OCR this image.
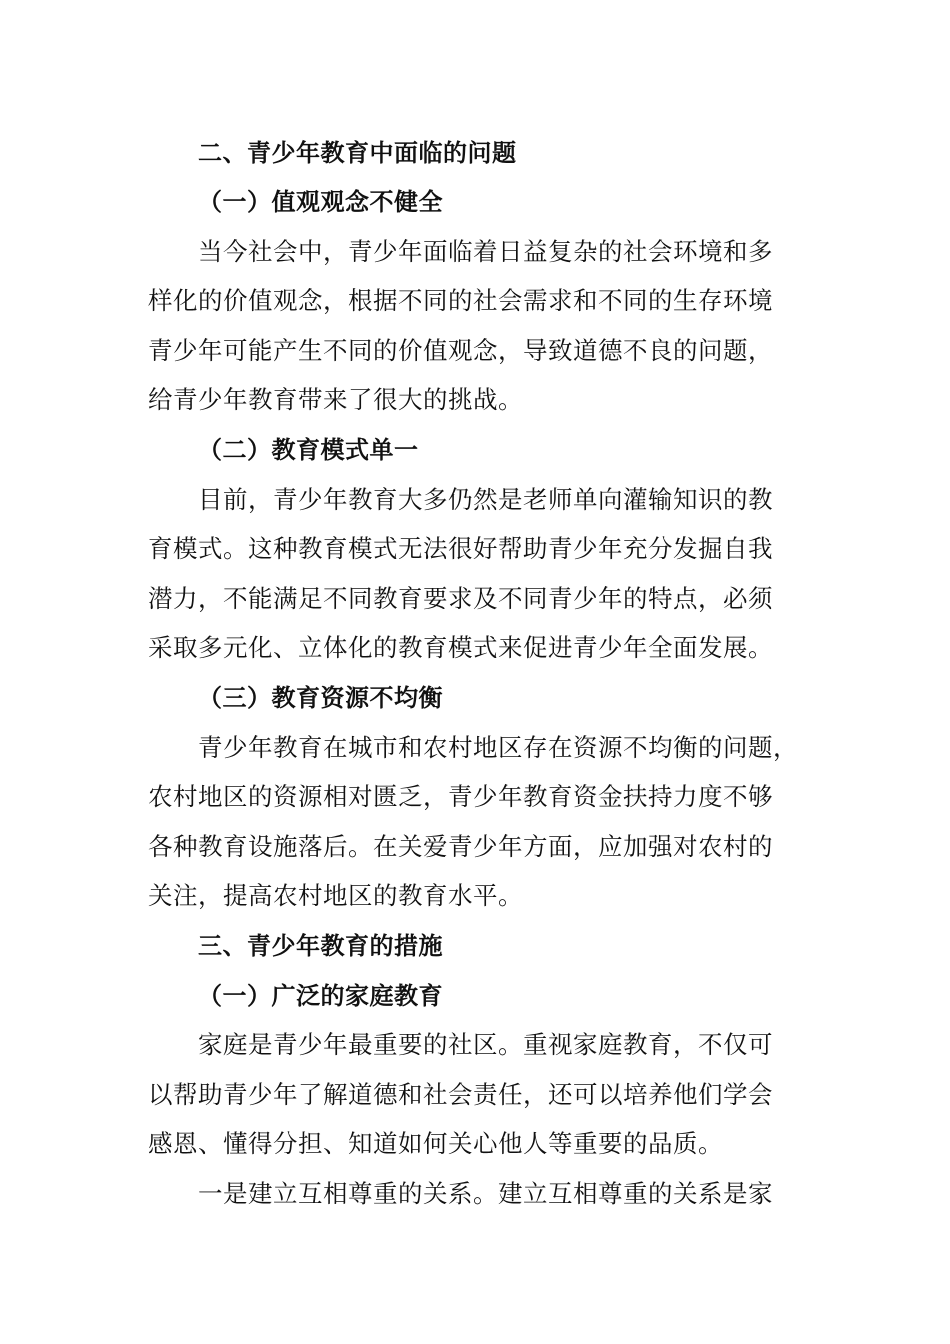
二、青少年教育中面临的问题
（一）值观观念不健全
当今社会中，青少年面临着日益复杂的社会环境和多
样化的价值观念，根据不同的社会需求和不同的生存环境
青少年可能产生不同的价值观念，导致道德不良的问题，
给青少年教育带来了很大的挑战。
（二）教育模式单一
目前，青少年教育大多仍然是老师单向灌输知识的教
育模式。这种教育模式无法很好帮助青少年充分发掘自我
潜力，不能满足不同教育要求及不同青少年的特点，必须
采取多元化、立体化的教育模式来促进青少年全面发展。
（三）教育资源不均衡
青少年教育在城市和农村地区存在资源不均衡的问题，
农村地区的资源相对匮乏，青少年教育资金扶持力度不够
各种教育设施落后。在关爱青少年方面，应加强对农村的
关注，提高农村地区的教育水平。
三、青少年教育的措施
（一）广泛的家庭教育
家庭是青少年最重要的社区。重视家庭教育，不仅可
以帮助青少年了解道德和社会责任，还可以培养他们学会
感恩、懂得分担、知道如何关心他人等重要的品质。
一是建立互相尊重的关系。建立互相尊重的关系是家
